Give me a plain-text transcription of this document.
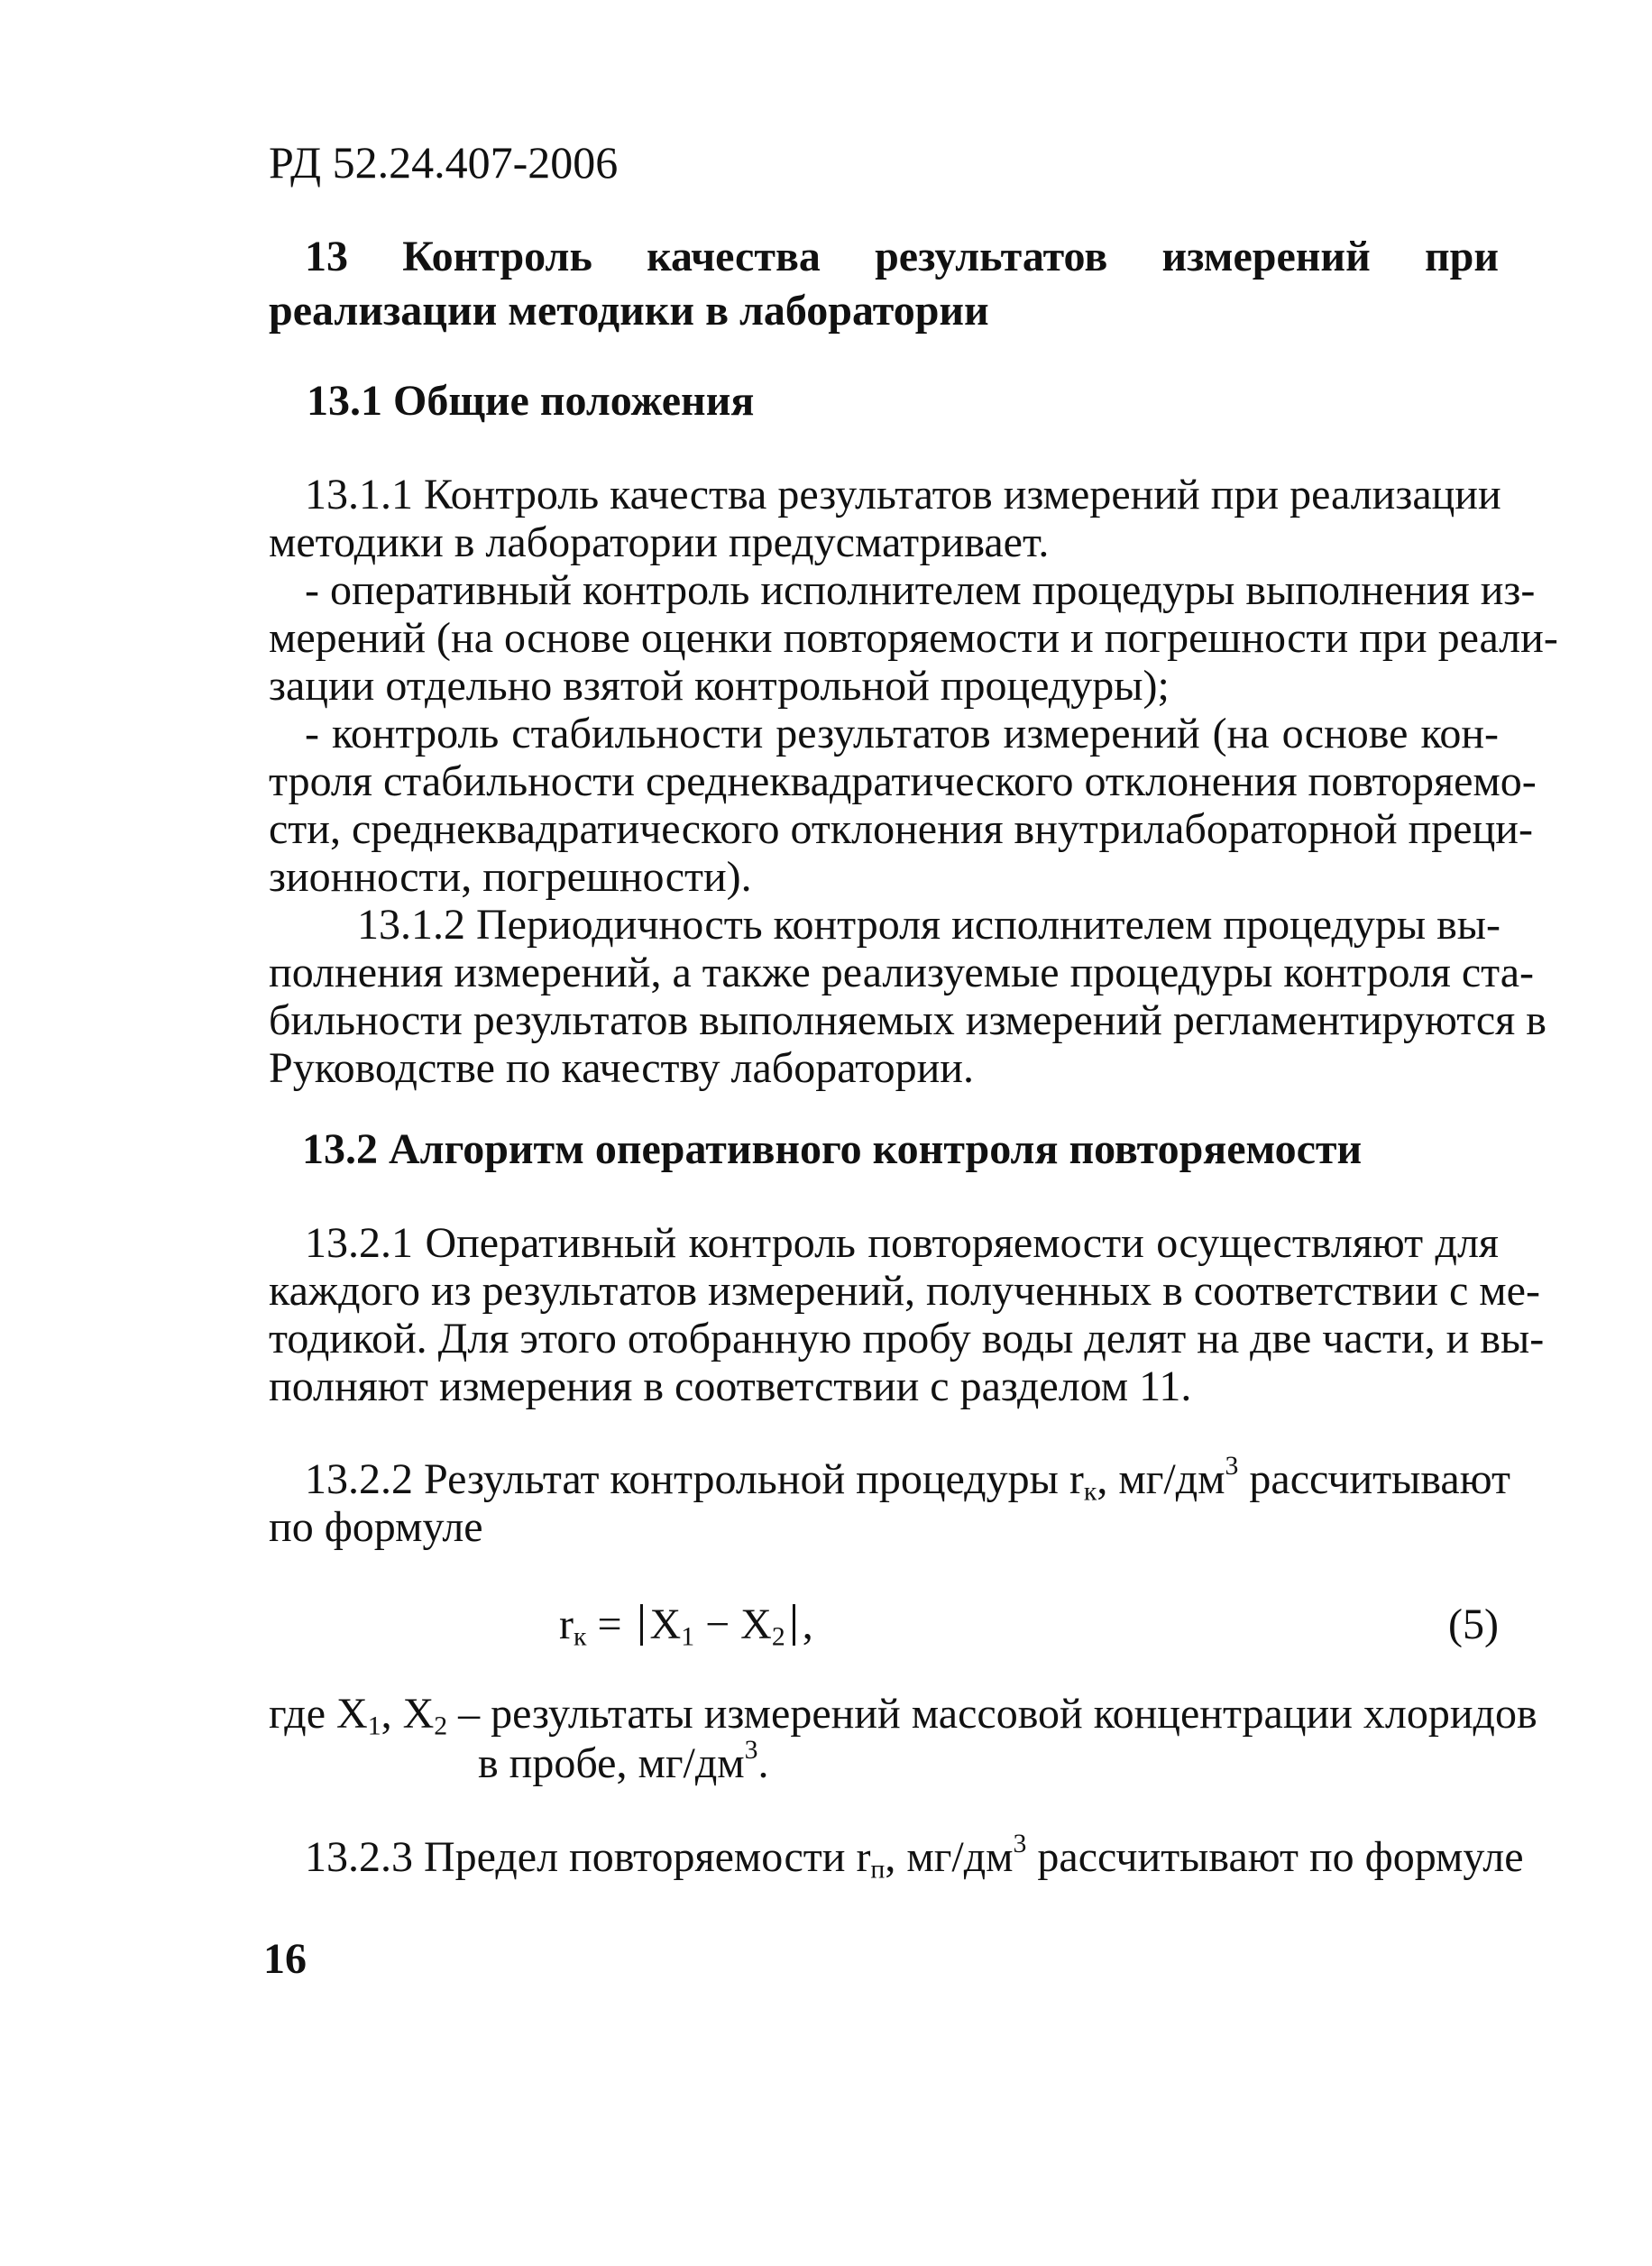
РД 52.24.407-2006
13 Контроль качества результатов измерений при реализации методики в лаборатории
13.1 Общие положения
13.1.1 Контроль качества результатов измерений при реализации
методики в лаборатории предусматривает.
- оперативный контроль исполнителем процедуры выполнения из-
мерений (на основе оценки повторяемости и погрешности при реали-
зации отдельно взятой контрольной процедуры);
- контроль стабильности результатов измерений (на основе кон-
троля стабильности среднеквадратического отклонения повторяемо-
сти, среднеквадратического отклонения внутрилабораторной преци-
зионности, погрешности).
13.1.2 Периодичность контроля исполнителем процедуры вы-
полнения измерений, а также реализуемые процедуры контроля ста-
бильности результатов выполняемых измерений регламентируются в
Руководстве по качеству лаборатории.
13.2 Алгоритм оперативного контроля повторяемости
13.2.1 Оперативный контроль повторяемости осуществляют для
каждого из результатов измерений, полученных в соответствии с ме-
тодикой. Для этого отобранную пробу воды делят на две части, и вы-
полняют измерения в соответствии с разделом 11.
13.2.2 Результат контрольной процедуры $r_к$, $мг/дм^3$ рассчитывают
по формуле
$r_к = X_1 - X_2$ ,	(5)
где $X_1$, $X_2$ – результаты измерений массовой концентрации хлоридов
в пробе, $мг/дм^3$.
13.2.3 Предел повторяемости $r_п$, $мг/дм^3$ рассчитывают по формуле
16
